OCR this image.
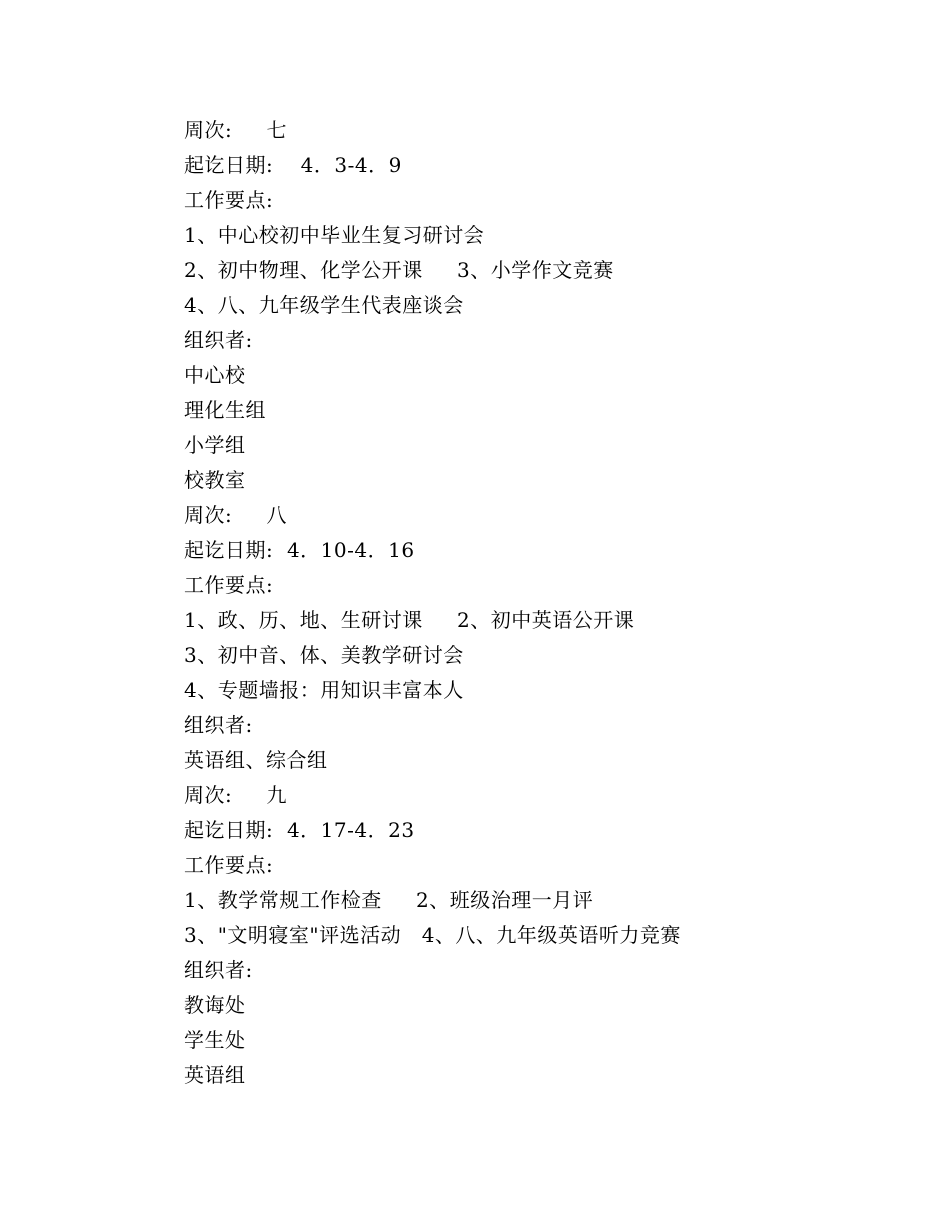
周次:     七
起讫日期:    4．3-4．9
工作要点:
1、中心校初中毕业生复习研讨会
2、初中物理、化学公开课     3、小学作文竞赛
4、八、九年级学生代表座谈会
组织者:
中心校
理化生组
小学组
校教室
周次:     八
起讫日期:  4．10-4．16
工作要点:
1、政、历、地、生研讨课     2、初中英语公开课
3、初中音、体、美教学研讨会
4、专题墙报：用知识丰富本人
组织者:
英语组、综合组
周次:     九
起讫日期:  4．17-4．23
工作要点:
1、教学常规工作检查     2、班级治理一月评
3、"文明寝室"评选活动   4、八、九年级英语听力竞赛
组织者:
教诲处
学生处
英语组
